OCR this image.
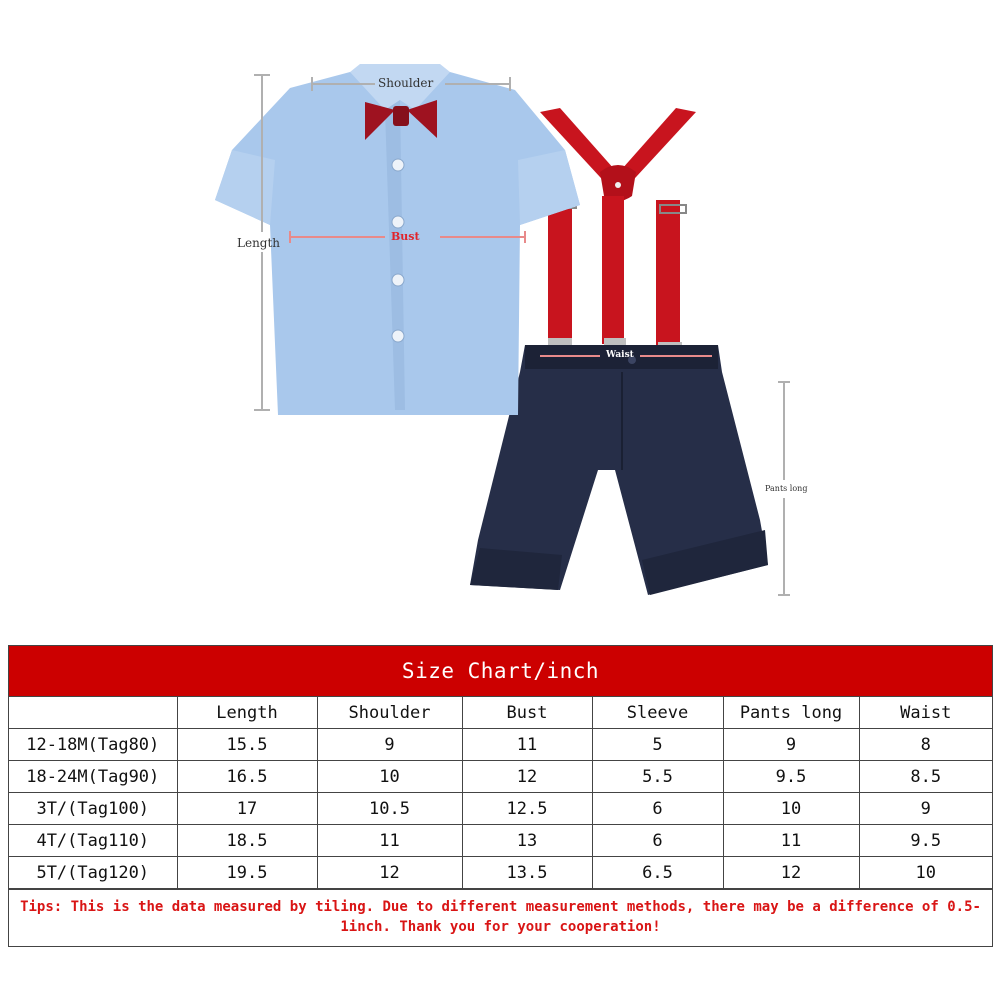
Shoulder
Length	Bust
Waist
Pants long
Size Chart/inch
	Length	Shoulder	Bust	Sleeve	Pants long	Waist
12-18M(Tag80)	15.5	9	11	5	9	8
18-24M(Tag90)	16.5	10	12	5.5	9.5	8.5
3T/(Tag100)	17	10.5	12.5	6	10	9
4T/(Tag110)	18.5	11	13	6	11	9.5
5T/(Tag120)	19.5	12	13.5	6.5	12	10
Tips: This is the data measured by tiling. Due to different measurement methods, there may be a difference of 0.5-1inch. Thank you for your cooperation!
